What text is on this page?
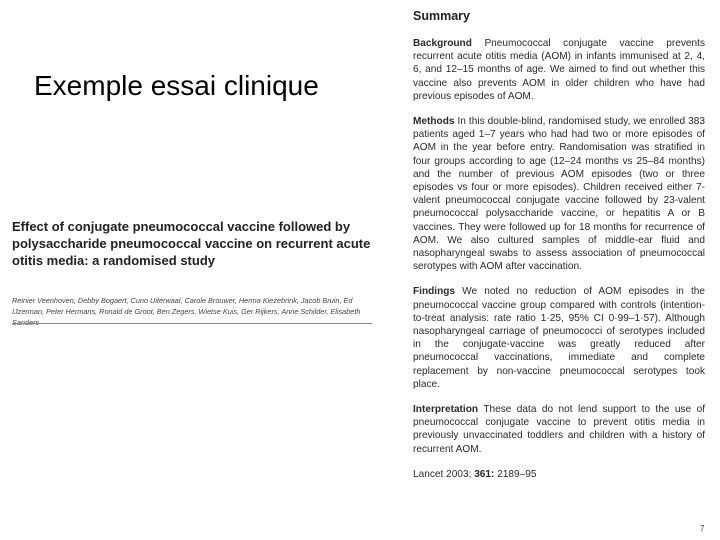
Exemple essai clinique
Effect of conjugate pneumococcal vaccine followed by polysaccharide pneumococcal vaccine on recurrent acute otitis media: a randomised study
Reinier Veenhoven, Debby Bogaert, Cuno Uiterwaal, Carole Brouwer, Herma Kiezebrink, Jacob Bruin, Ed IJzerman, Peter Hermans, Ronald de Groot, Ben Zegers, Wietse Kuis, Ger Rijkers, Anne Schilder, Elisabeth
Summary
Background Pneumococcal conjugate vaccine prevents recurrent acute otitis media (AOM) in infants immunised at 2, 4, 6, and 12–15 months of age. We aimed to find out whether this vaccine also prevents AOM in older children who have had previous episodes of AOM.
Methods In this double-blind, randomised study, we enrolled 383 patients aged 1–7 years who had had two or more episodes of AOM in the year before entry. Randomisation was stratified in four groups according to age (12–24 months vs 25–84 months) and the number of previous AOM episodes (two or three episodes vs four or more episodes). Children received either 7-valent pneumococcal conjugate vaccine followed by 23-valent pneumococcal polysaccharide vaccine, or hepatitis A or B vaccines. They were followed up for 18 months for recurrence of AOM. We also cultured samples of middle-ear fluid and nasopharyngeal swabs to assess association of pneumococcal serotypes with AOM after vaccination.
Findings We noted no reduction of AOM episodes in the pneumococcal vaccine group compared with controls (intention-to-treat analysis: rate ratio 1·25, 95% CI 0·99–1·57). Although nasopharyngeal carriage of pneumococci of serotypes included in the conjugate-vaccine was greatly reduced after pneumococcal vaccinations, immediate and complete replacement by non-vaccine pneumococcal serotypes took place.
Interpretation These data do not lend support to the use of pneumococcal conjugate vaccine to prevent otitis media in previously unvaccinated toddlers and children with a history of recurrent AOM.
Lancet 2003; 361: 2189–95
7
